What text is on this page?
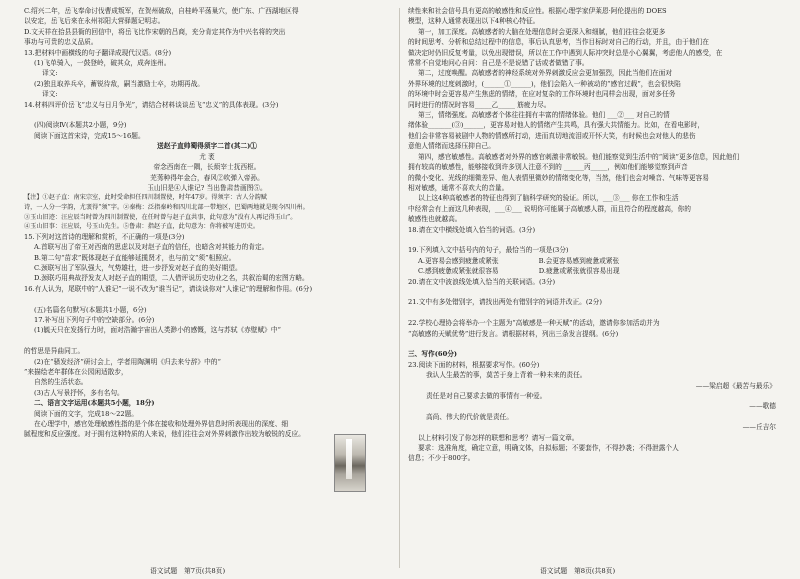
C.绍兴二年，岳飞奉命讨伐曹成叛军，在贺州破敌，自桂岭平荡巢穴，使广东、广西湖地区得
以安定，岳飞后来在永州祁阳大营驿题记明志。
D.文天祥在拾县县衙的回信中，将岳飞比作宋朝的吕商，充分肯定其作为中兴名将的突出
事功与可贵的忠义品质。
13.把材料中画横线的句子翻译成现代汉语。(8分)
(1)飞单骑入，一鼓登岭，破其众，成奔连州。
译文:
(2)独且取养兵卒，蓄锐待敌，嗣当激励士卒，功期再战。
译文:
14.材料四评价岳飞“忠义与日月争光”，请结合材料谈谈岳飞“忠义”的具体表现。(3分)

(四)阅读Ⅳ(本题共2小题，9分)
阅读下面这首宋诗，完成15～16题。
送赵子直帅蜀得须字二首(其二)①
尤 袤
帝念西南在一隅，长烦宰士抚西枢。
芜莠种得年金合，春风②吹弹入帝孙。
玉山旧是④人谁记? 当出鲁肃昔画图⑤。
【注】①赵子直：南宋宗室，此时受命担任四川制置使，时年47岁。得须字：古人分韵赋
诗，一人分一字韵，尤袤得“须”字。②秦梅：泛指秦岭和四川北部一带地区，巴蜀两地就是现今四川州。
③玉山旧迹：汪应辰当时曾为四川制置使，在任时曾与赵子直共事，此句意为“没有人再记得玉山”。
④玉山旧事：汪应辰，号玉山先生。⑤鲁肃：指赵子直，此句意为：你将被写进历史。
15.下列对这首诗的理解和赏析，不正确的一项是(3分)
A.首联写出了帝王对西南的思虑以及对赵子直的信任，也暗含对其能力的肯定。
B.第二句“苗求”既体现赵子直能够延揽贤才，也与前文“须”相照应。
C.颈联写出了军队强大，气势雄壮，进一步抒发对赵子直的美好期望。
D.颈联巧用典故抒发友人对赵子直的期望，二人借评说历史功业之名，共叙治蜀的宏图方略。
16.有人认为，尾联中的“人谁记”一说不改为“谁当记”，请谈谈你对“人谁记”的理解和作用。(6分)

(五)名篇名句默写(本题共1小题，6分)
17.补写出下列句子中的空缺部分。(6分)
(1)毓天只在发扬行力时，面对浩瀚宇宙出人类渺小的感慨，这与苏轼《赤壁赋》中“

的哲思是异曲同工。
(2)在“骚发经济”研讨会上，学者用陶渊明《归去来兮辞》中的“
”来描绘老年群体在公园闲适散步，
自然的生活状态。
(3)古人写景抒怀，多有名句。
二、语言文字运用(本题共5小题，18分)
阅读下面的文字，完成18～22题。
在心理学中，感官处理敏感性指的是个体在接收和处理外界信息时所表现出的深度、细
腻程度和反应强度。对于拥有这种特质的人来说，他们往往会对外界刺激作出较为敏锐的反应。
续性来和社会信号具有更高的敏感性和反应性。根据心理学家伊莱恩·阿伦提出的 DOES
模型，这种人通常表现出以下4种核心特征。
第一，加工深度。高敏感者的大脑在处理信息时会更深入和细腻，他们往往会花更多
的时间思考、分析和总结过程中的信息，事后认真思考，当作目标时对自己的行动，并且，由于他们在
做决定时仍旧反复考量，以免出现错误，所以在工作中遇到人际冲突时总是小心翼翼，考虑他人的感受，在
常常不自觉地问心自问：自己是不是说错了话或者做错了事。
第二，过度唤醒。高敏感者的神经系统对外界刺激反应会更加强烈，因此当他们在面对
外界环境的过度刺激时，(______①______)，他们会陷入一种被动的“感官过载”，也会很快陷
的环境中时会更容易产生焦虑的情绪，在应对复杂的工作环境时也同样会出现，面对多任务
同时进行的情况时容易_____乙_____ 筋疲力尽。
第三，情绪强度。高敏感者个体往往拥有丰富的情绪体验。他们 ___②___ 对自己的情
绪体验_______(③)______，更容易对他人的情绪产生共鸣，具有强大共情能力。比如，在看电影时，
他们会非常容易被剧中人物的情感所打动，进而真切地流泪或开怀大笑，有时候也会对他人的悲伤
意他人情绪而选择压抑自己。
第四，感官敏感性。高敏感者对外界的感官刺激非常敏锐。他们能察觉到生活中的“阅读”更多信息，因此他们
拥有较高的敏感性，能够接收到许多别人注意不到的 ______丙_____，例如他们能够觉察到声音
的微小变化、光线的细微差异、他人表情里微妙的情绪变化等，当然，他们也会对噪音、气味等更容易
相对敏感，通常不喜欢大的音量。
以上这4种高敏感者的特征也得到了脑科学研究的验证。所以，___③___ 你在工作和生活
中经常会有上面这几种表现，___④___ 说明你可能属于高敏感人群，而且符合的程度越高，你的
敏感性也就越高。
18.请在文中横线处填入恰当的词语。(3分)

19.下列填入文中括号内的句子，最恰当的一项是(3分)
A.更容易会感到疲惫或紧张　　　　　　B.会更容易感到疲惫或紧张
C.感到疲惫或紧张就很容易　　　　　　D.疲惫或紧张就很容易出现
20.请在文中波浪线处填入恰当的关联词语。(3分)

21.文中有多处错别字，请找出两处有错别字的词语并改正。(2分)

22.学校心理协会将举办一个主题为“高敏感是一种天赋”的活动，邀请你参加活动并为
“高敏感的天赋优势”进行发言。请根据材料，列出三条发言提纲。(6分)

三、写作(60分)
23.阅读下面的材料，根据要求写作。(60分)
我认人生最苦的事，莫苦于身上背着一种未来的责任。
——梁启超《最苦与最乐》
责任是对自己要求去做的事情有一种爱。
——歌德
高尚、伟大的代价就是责任。
——丘吉尔
以上材料引发了你怎样的联想和思考？请写一篇文章。
要求：选准角度，确定立意，明确文体，自拟标题；不要套作，不得抄袭；不得泄露个人
信息；不少于800字。
语文试题　第7页(共8页)	语文试题　第8页(共8页)
